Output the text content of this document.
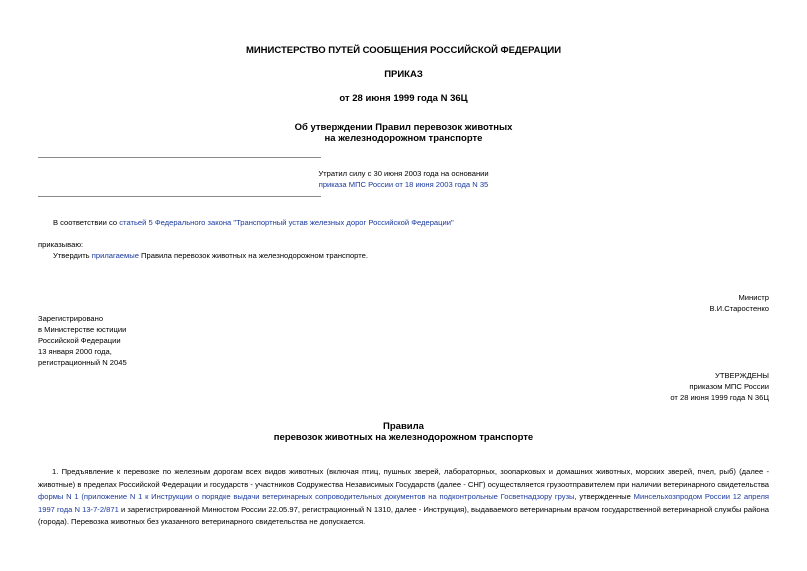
МИНИСТЕРСТВО ПУТЕЙ СООБЩЕНИЯ РОССИЙСКОЙ ФЕДЕРАЦИИ
ПРИКАЗ
от 28 июня 1999 года N 36Ц
Об утверждении Правил перевозок животных
на железнодорожном транспорте
Утратил силу с 30 июня 2003 года на основании
приказа МПС России от 18 июня 2003 года N 35
В соответствии со статьей 5 Федерального закона "Транспортный устав железных дорог Российской Федерации"
приказываю:
Утвердить прилагаемые Правила перевозок животных на железнодорожном транспорте.
Министр
В.И.Старостенко
Зарегистрировано
в Министерстве юстиции
Российской Федерации
13 января 2000 года,
регистрационный N 2045
УТВЕРЖДЕНЫ
приказом МПС России
от 28 июня 1999 года N 36Ц
Правила
перевозок животных на железнодорожном транспорте
1. Предъявление к перевозке по железным дорогам всех видов животных (включая птиц, пушных зверей, лабораторных, зоопарковых и домашних животных, морских зверей, пчел, рыб) (далее - животные) в пределах Российской Федерации и государств - участников Содружества Независимых Государств (далее - СНГ) осуществляется грузоотправителем при наличии ветеринарного свидетельства формы N 1 (приложение N 1 к Инструкции о порядке выдачи ветеринарных сопроводительных документов на подконтрольные Госветнадзору грузы, утвержденные Минсельхозпродом России 12 апреля 1997 года N 13-7-2/871 и зарегистрированной Минюстом России 22.05.97, регистрационный N 1310, далее - Инструкция), выдаваемого ветеринарным врачом государственной ветеринарной службы района (города). Перевозка животных без указанного ветеринарного свидетельства не допускается.
